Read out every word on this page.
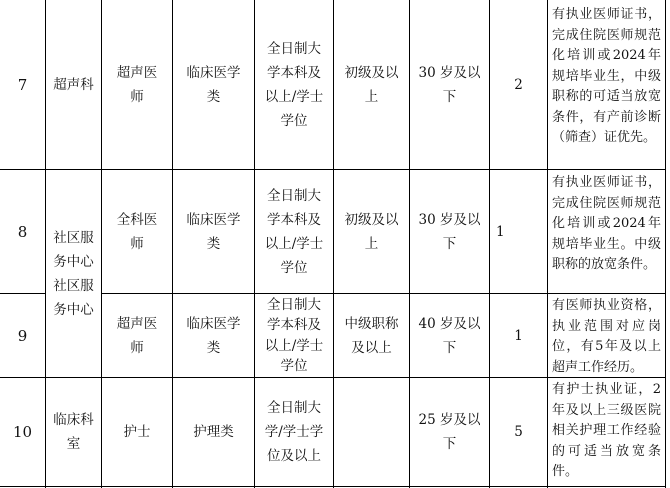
7	超声科
超声医
师
临床医学
类
全日制大
学本科及
以上/学士
学位
初级及以
上
30 岁及以
下
2
有执业医师证书，完成住院医师规范化培训或2024年规培毕业生，中级职称的可适当放宽条件，有产前诊断（筛查）证优先。
社区服
务中心
社区服
务中心
8
全科医
师
临床医学
类
全日制大
学本科及
以上/学士
学位
初级及以
上
30 岁及以
下
1
有执业医师证书，完成住院医师规范化培训或2024年规培毕业生。中级职称的放宽条件。
9
超声医
师
临床医学
类
全日制大
学本科及
以上/学士
学位
中级职称
及以上
40 岁及以
下
1
有医师执业资格，执业范围对应岗位，有5年及以上超声工作经历。
10
临床科
室
护士	护理类
全日制大
学/学士学
位及以上
25 岁及以
下
5
有护士执业证，2年及以上三级医院相关护理工作经验的可适当放宽条件。
